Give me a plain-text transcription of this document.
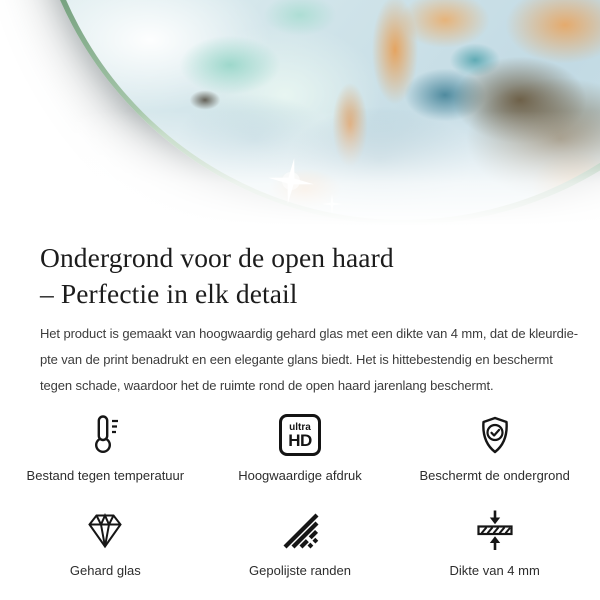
Ondergrond voor de open haard
– Perfectie in elk detail
Het product is gemaakt van hoogwaardig gehard glas met een dikte van 4 mm, dat de kleurdie-
pte van de print benadrukt en een elegante glans biedt. Het is hittebestendig en beschermt
tegen schade, waardoor het de ruimte rond de open haard jarenlang beschermt.
Bestand tegen temperatuur
ultra
HD
Hoogwaardige afdruk	Beschermt de ondergrond
Gehard glas	Gepolijste randen	Dikte van 4 mm
